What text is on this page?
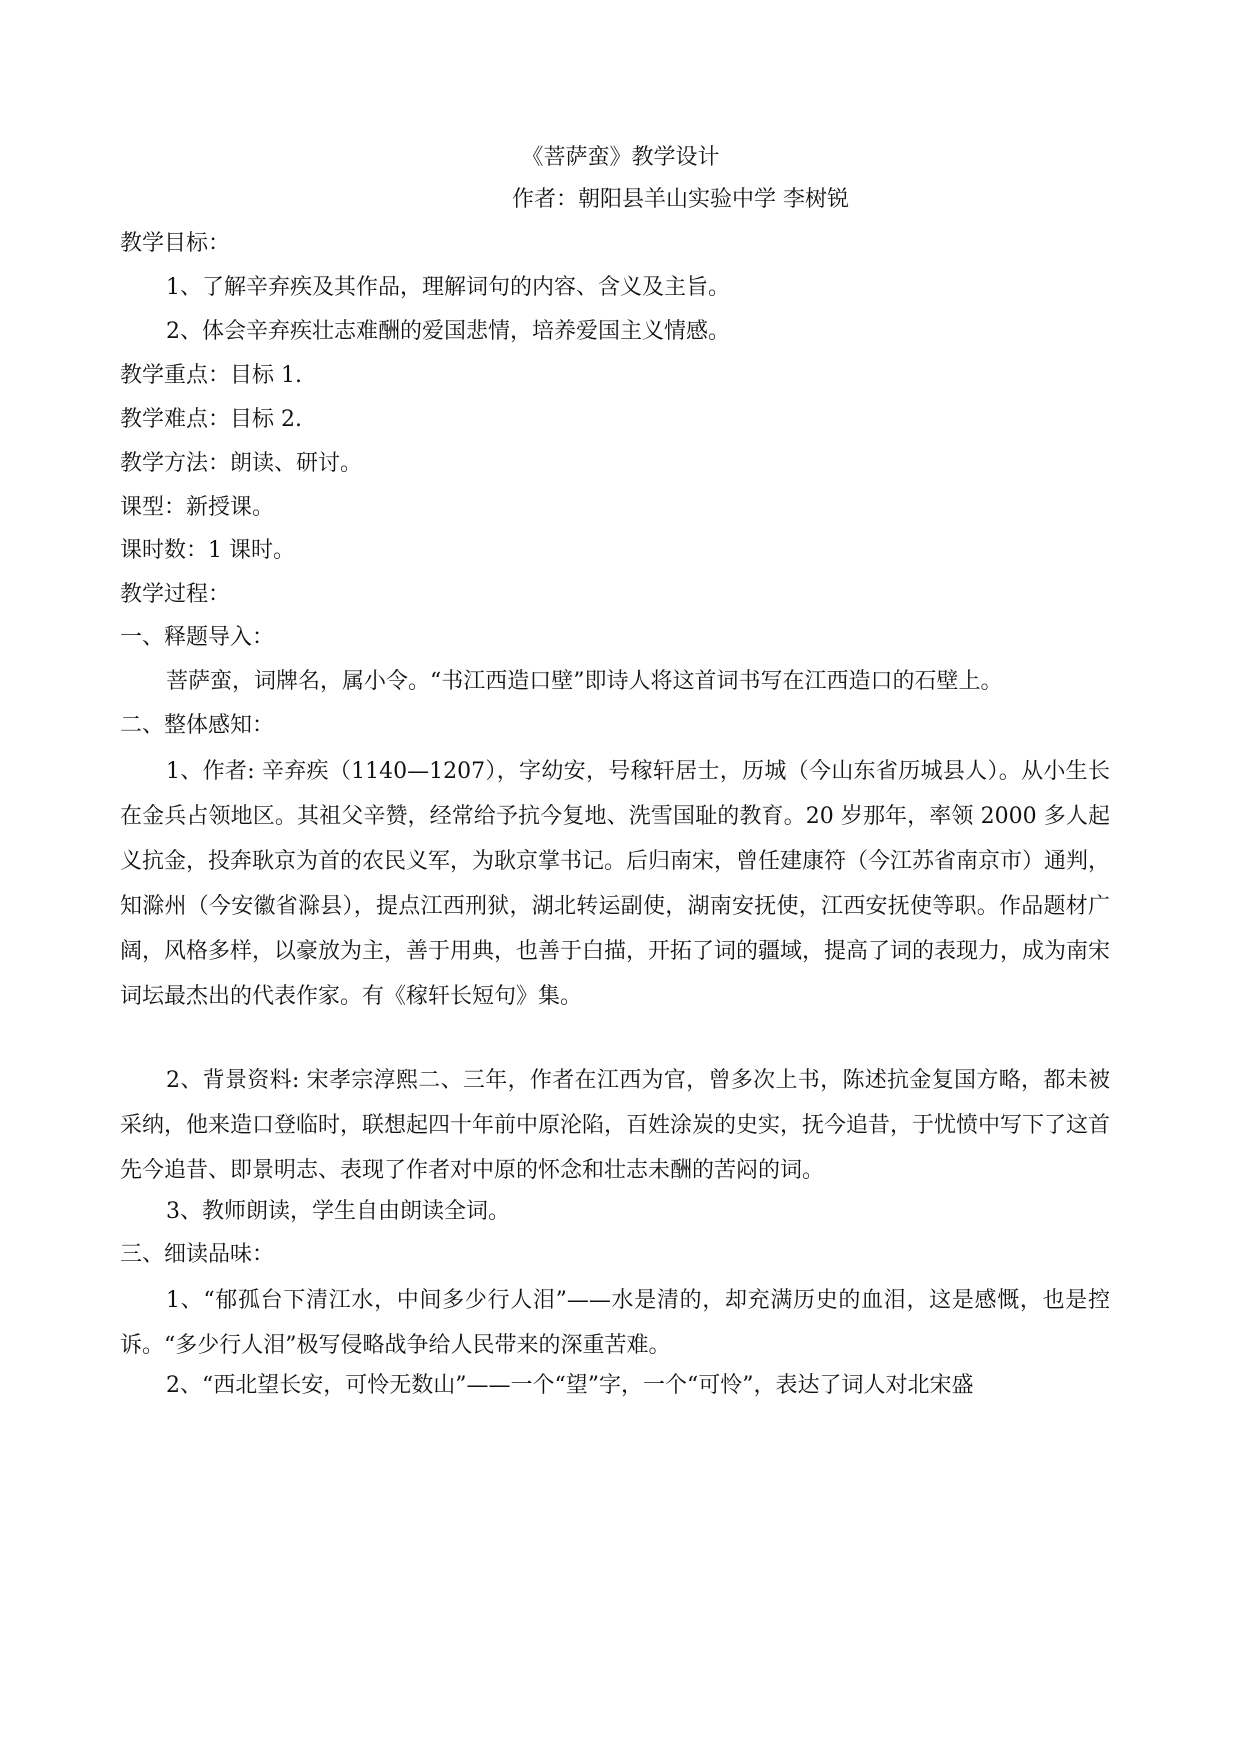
《菩萨蛮》教学设计
作者：朝阳县羊山实验中学 李树锐
教学目标：
1、了解辛弃疾及其作品，理解词句的内容、含义及主旨。
2、体会辛弃疾壮志难酬的爱国悲情，培养爱国主义情感。
教学重点：目标 1.
教学难点：目标 2.
教学方法：朗读、研讨。
课型：新授课。
课时数：1 课时。
教学过程：
一、释题导入：
菩萨蛮，词牌名，属小令。“书江西造口壁”即诗人将这首词书写在江西造口的石壁上。
二、整体感知：
1、作者: 辛弃疾（1140—1207），字幼安，号稼轩居士，历城（今山东省历城县人）。从小生长在金兵占领地区。其祖父辛赞，经常给予抗今复地、洗雪国耻的教育。20 岁那年，率领 2000 多人起义抗金，投奔耿京为首的农民义军，为耿京掌书记。后归南宋，曾任建康符（今江苏省南京市）通判，知滁州（今安徽省滁县），提点江西刑狱，湖北转运副使，湖南安抚使，江西安抚使等职。作品题材广阔，风格多样，以豪放为主，善于用典，也善于白描，开拓了词的疆域，提高了词的表现力，成为南宋词坛最杰出的代表作家。有《稼轩长短句》集。
2、背景资料: 宋孝宗淳熙二、三年，作者在江西为官，曾多次上书，陈述抗金复国方略，都未被采纳，他来造口登临时，联想起四十年前中原沦陷，百姓涂炭的史实，抚今追昔，于忧愤中写下了这首先今追昔、即景明志、表现了作者对中原的怀念和壮志未酬的苦闷的词。
3、教师朗读，学生自由朗读全词。
三、细读品味：
1、“郁孤台下清江水，中间多少行人泪”——水是清的，却充满历史的血泪，这是感慨，也是控诉。“多少行人泪”极写侵略战争给人民带来的深重苦难。
2、“西北望长安，可怜无数山”——一个“望”字，一个“可怜”，表达了词人对北宋盛
